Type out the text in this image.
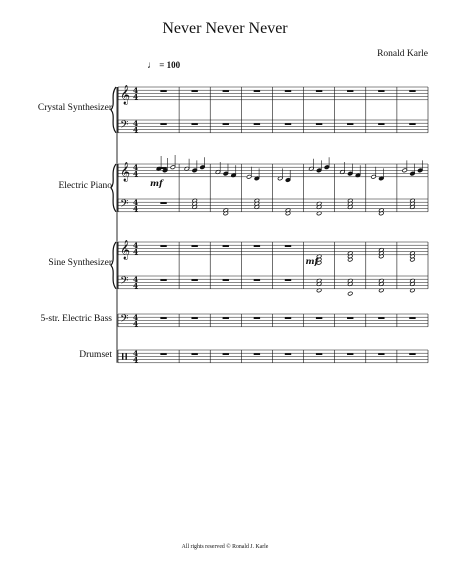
Never Never Never
Ronald Karle
♩ = 100
Crystal Synthesizer
Electric Piano
Sine Synthesizer
5-str. Electric Bass
Drumset
𝄞 4
4
𝄢 4
4
𝄞 4
4
𝄢 4
4
𝄞 4
4
𝄢 4
4
𝄢 4
4
4
4
mf
mf
All rights reserved © Ronald J. Karle
